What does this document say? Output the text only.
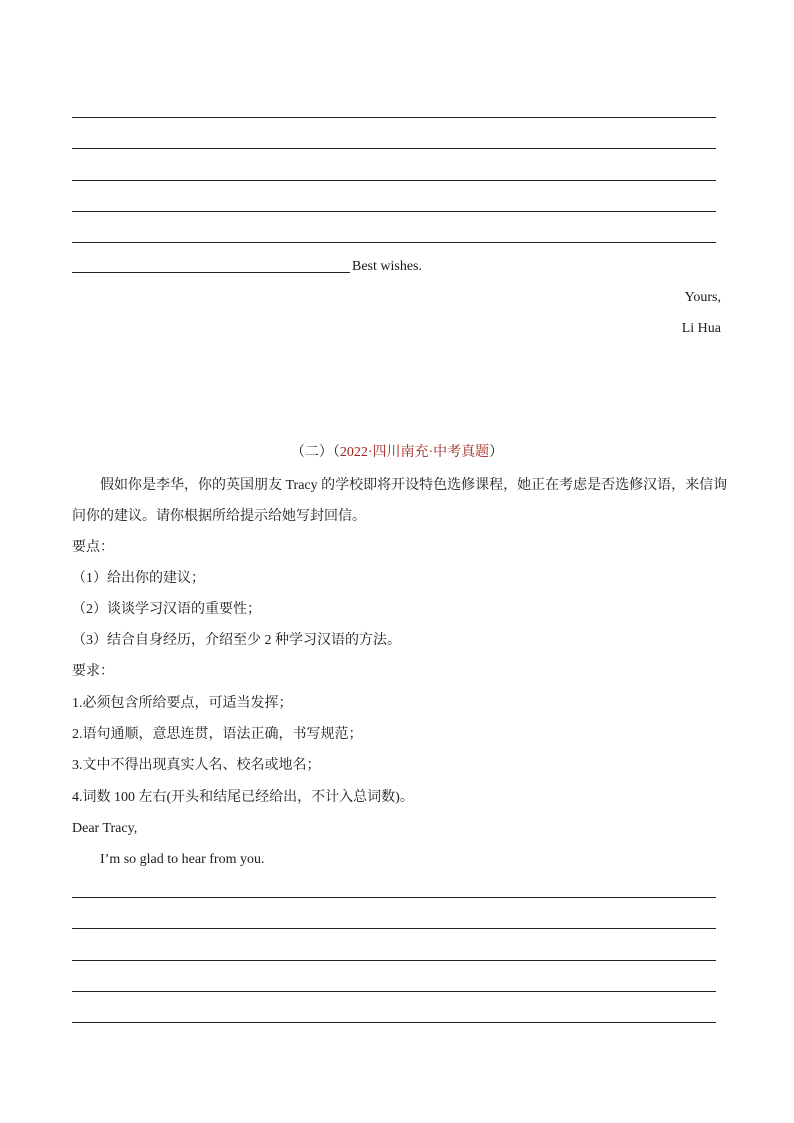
Best wishes.
Yours,
Li Hua
（二）（2022·四川南充·中考真题）
假如你是李华，你的英国朋友 Tracy 的学校即将开设特色选修课程，她正在考虑是否选修汉语，来信询
问你的建议。请你根据所给提示给她写封回信。
要点：
（1）给出你的建议；
（2）谈谈学习汉语的重要性；
（3）结合自身经历，介绍至少 2 种学习汉语的方法。
要求：
1.必须包含所给要点，可适当发挥；
2.语句通顺，意思连贯，语法正确，书写规范；
3.文中不得出现真实人名、校名或地名；
4.词数 100 左右(开头和结尾已经给出，不计入总词数)。
Dear Tracy,
I’m so glad to hear from you.
